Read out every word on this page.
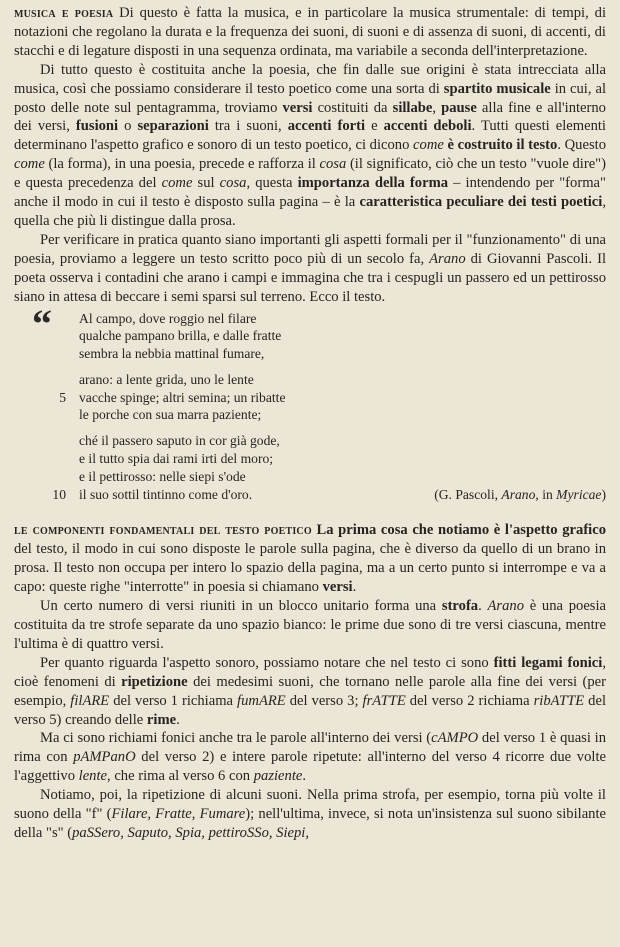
musica e poesia Di questo è fatta la musica, e in particolare la musica strumentale: di tempi, di notazioni che regolano la durata e la frequenza dei suoni, di suoni e di assenza di suoni, di accenti, di stacchi e di legature disposti in una sequenza ordinata, ma variabile a seconda dell'interpretazione.

Di tutto questo è costituita anche la poesia, che fin dalle sue origini è stata intrecciata alla musica, così che possiamo considerare il testo poetico come una sorta di spartito musicale in cui, al posto delle note sul pentagramma, troviamo versi costituiti da sillabe, pause alla fine e all'interno dei versi, fusioni o separazioni tra i suoni, accenti forti e accenti deboli. Tutti questi elementi determinano l'aspetto grafico e sonoro di un testo poetico, ci dicono come è costruito il testo. Questo come (la forma), in una poesia, precede e rafforza il cosa (il significato, ciò che un testo "vuole dire") e questa precedenza del come sul cosa, questa importanza della forma – intendendo per "forma" anche il modo in cui il testo è disposto sulla pagina – è la caratteristica peculiare dei testi poetici, quella che più li distingue dalla prosa.

Per verificare in pratica quanto siano importanti gli aspetti formali per il "funzionamento" di una poesia, proviamo a leggere un testo scritto poco più di un secolo fa, Arano di Giovanni Pascoli. Il poeta osserva i contadini che arano i campi e immagina che tra i cespugli un passero ed un pettirosso siano in attesa di beccare i semi sparsi sul terreno. Ecco il testo.

“ Al campo, dove roggio nel filare
qualche pampano brilla, e dalle fratte
sembra la nebbia mattinal fumare,
arano: a lente grida, uno le lente
5 vacche spinge; altri semina; un ribatte
le porche con sua marra paziente;
ché il passero saputo in cor già gode,
e il tutto spia dai rami irti del moro;
e il pettirosso: nelle siepi s'ode
10 il suo sottil tintinno come d'oro.	(G. Pascoli, Arano, in Myricae)

le componenti fondamentali del testo poetico La prima cosa che notiamo è l'aspetto grafico del testo, il modo in cui sono disposte le parole sulla pagina, che è diverso da quello di un brano in prosa. Il testo non occupa per intero lo spazio della pagina, ma a un certo punto si interrompe e va a capo: queste righe "interrotte" in poesia si chiamano versi.

Un certo numero di versi riuniti in un blocco unitario forma una strofa. Arano è una poesia costituita da tre strofe separate da uno spazio bianco: le prime due sono di tre versi ciascuna, mentre l'ultima è di quattro versi.

Per quanto riguarda l'aspetto sonoro, possiamo notare che nel testo ci sono fitti legami fonici, cioè fenomeni di ripetizione dei medesimi suoni, che tornano nelle parole alla fine dei versi (per esempio, filARE del verso 1 richiama fumARE del verso 3; frATTE del verso 2 richiama ribATTE del verso 5) creando delle rime.

Ma ci sono richiami fonici anche tra le parole all'interno dei versi (cAMPO del verso 1 è quasi in rima con pAMPanO del verso 2) e intere parole ripetute: all'interno del verso 4 ricorre due volte l'aggettivo lente, che rima al verso 6 con paziente.

Notiamo, poi, la ripetizione di alcuni suoni. Nella prima strofa, per esempio, torna più volte il suono della "f" (Filare, Fratte, Fumare); nell'ultima, invece, si nota un'insistenza sul suono sibilante della "s" (paSSero, Saputo, Spia, pettiroSSo, Siepi,
